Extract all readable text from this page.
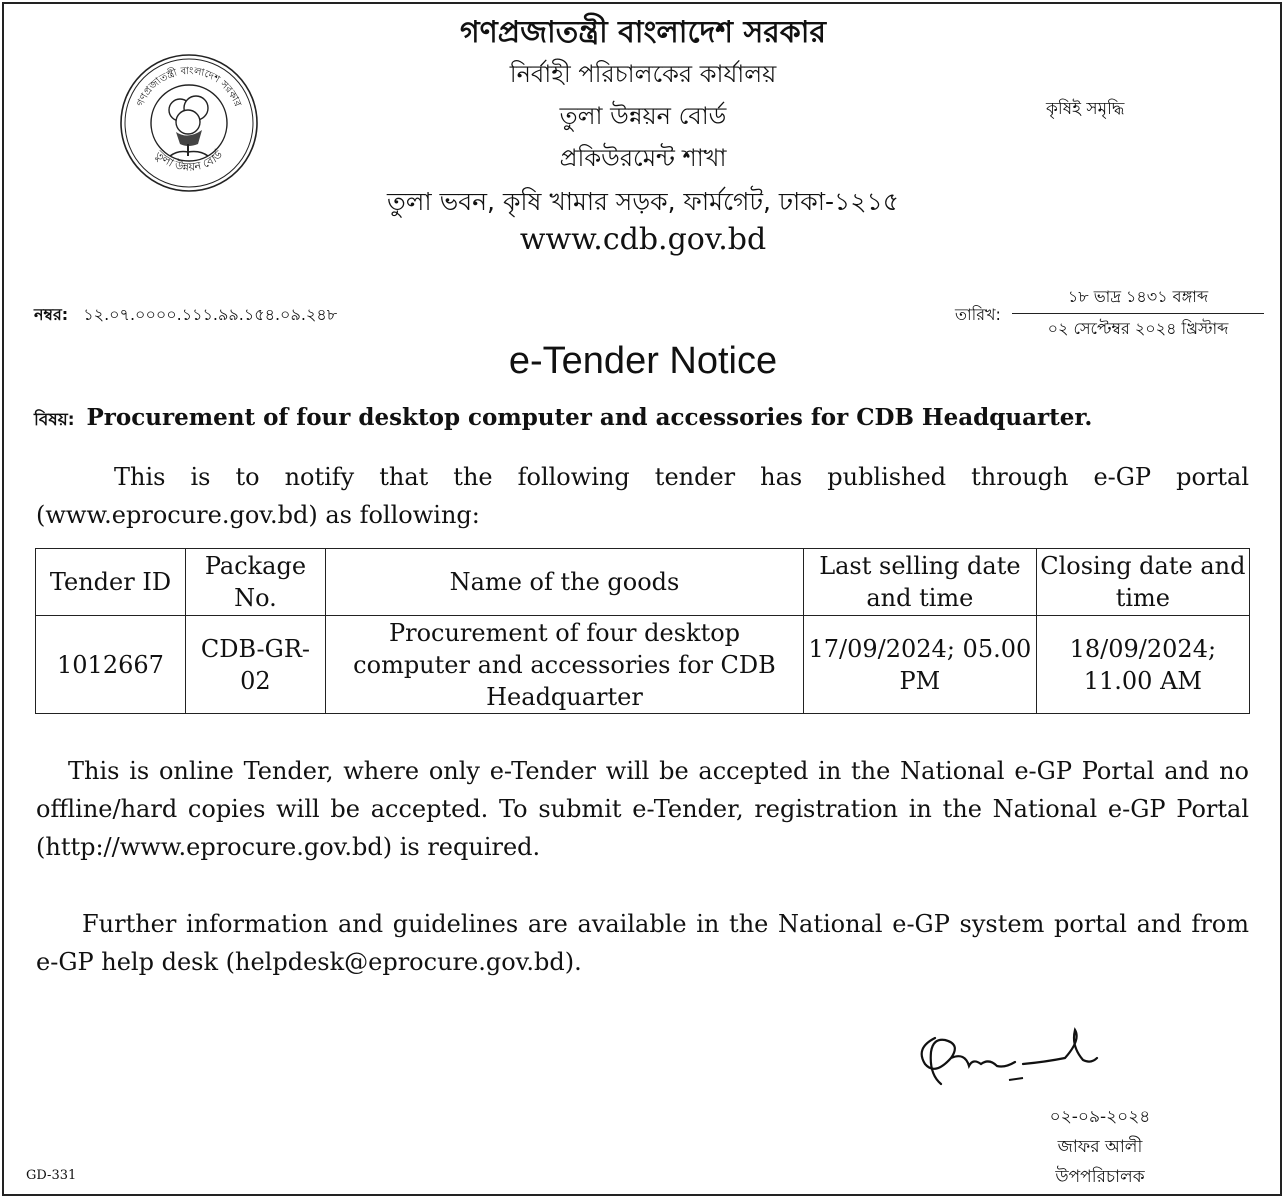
গণপ্রজাতন্ত্রী বাংলাদেশ সরকার
তুলা উন্নয়ন বোর্ড
গণপ্রজাতন্ত্রী বাংলাদেশ সরকার
নির্বাহী পরিচালকের কার্যালয়
তুলা উন্নয়ন বোর্ড
প্রকিউরমেন্ট শাখা
তুলা ভবন, কৃষি খামার সড়ক, ফার্মগেট, ঢাকা-১২১৫
www.cdb.gov.bd
কৃষিই সমৃদ্ধি
নম্বর: ১২.০৭.০০০০.১১১.৯৯.১৫৪.০৯.২৪৮	তারিখ:
১৮ ভাদ্র ১৪৩১ বঙ্গাব্দ
০২ সেপ্টেম্বর ২০২৪ খ্রিস্টাব্দ
e-Tender Notice
বিষয়: Procurement of four desktop computer and accessories for CDB Headquarter.
This is to notify that the following tender has published through e-GP portal (www.eprocure.gov.bd) as following:
Tender ID	Package No.	Name of the goods	Last selling date and time	Closing date and time
1012667	CDB-GR-02	Procurement of four desktop computer and accessories for CDB Headquarter	17/09/2024; 05.00 PM	18/09/2024; 11.00 AM
This is online Tender, where only e-Tender will be accepted in the National e-GP Portal and no offline/hard copies will be accepted. To submit e-Tender, registration in the National e-GP Portal (http://www.eprocure.gov.bd) is required.
Further information and guidelines are available in the National e-GP system portal and from e-GP help desk (helpdesk@eprocure.gov.bd).
০২-০৯-২০২৪
জাফর আলী
উপপরিচালক
GD-331
